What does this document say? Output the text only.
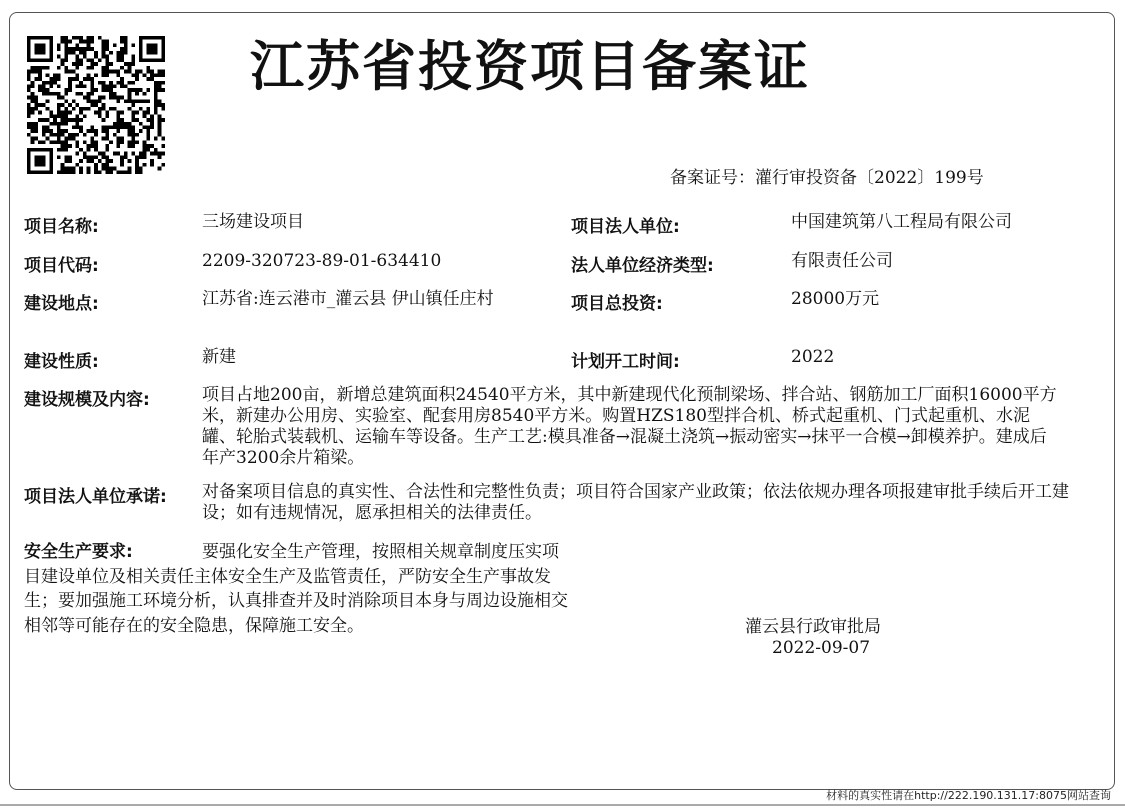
江苏省投资项目备案证
备案证号：灌行审投资备〔2022〕199号
项目名称:	三场建设项目	项目法人单位:	中国建筑第八工程局有限公司
项目代码:	2209-320723-89-01-634410	法人单位经济类型:	有限责任公司
建设地点:	江苏省:连云港市_灌云县 伊山镇任庄村	项目总投资:	28000万元
建设性质:	新建	计划开工时间:	2022
建设规模及内容:	项目占地200亩，新增总建筑面积24540平方米，其中新建现代化预制梁场、拌合站、钢筋加工厂面积16000平方米，新建办公用房、实验室、配套用房8540平方米。购置HZS180型拌合机、桥式起重机、门式起重机、水泥罐、轮胎式装载机、运输车等设备。生产工艺:模具准备→混凝土浇筑→振动密实→抹平一合模→卸模养护。建成后年产3200余片箱梁。
项目法人单位承诺: 对备案项目信息的真实性、合法性和完整性负责；项目符合国家产业政策；依法依规办理各项报建审批手续后开工建设；如有违规情况，愿承担相关的法律责任。
安全生产要求:	要强化安全生产管理，按照相关规章制度压实项目建设单位及相关责任主体安全生产及监管责任，严防安全生产事故发生；要加强施工环境分析，认真排查并及时消除项目本身与周边设施相交相邻等可能存在的安全隐患，保障施工安全。	灌云县行政审批局
2022-09-07
材料的真实性请在http://222.190.131.17:8075网站查询
